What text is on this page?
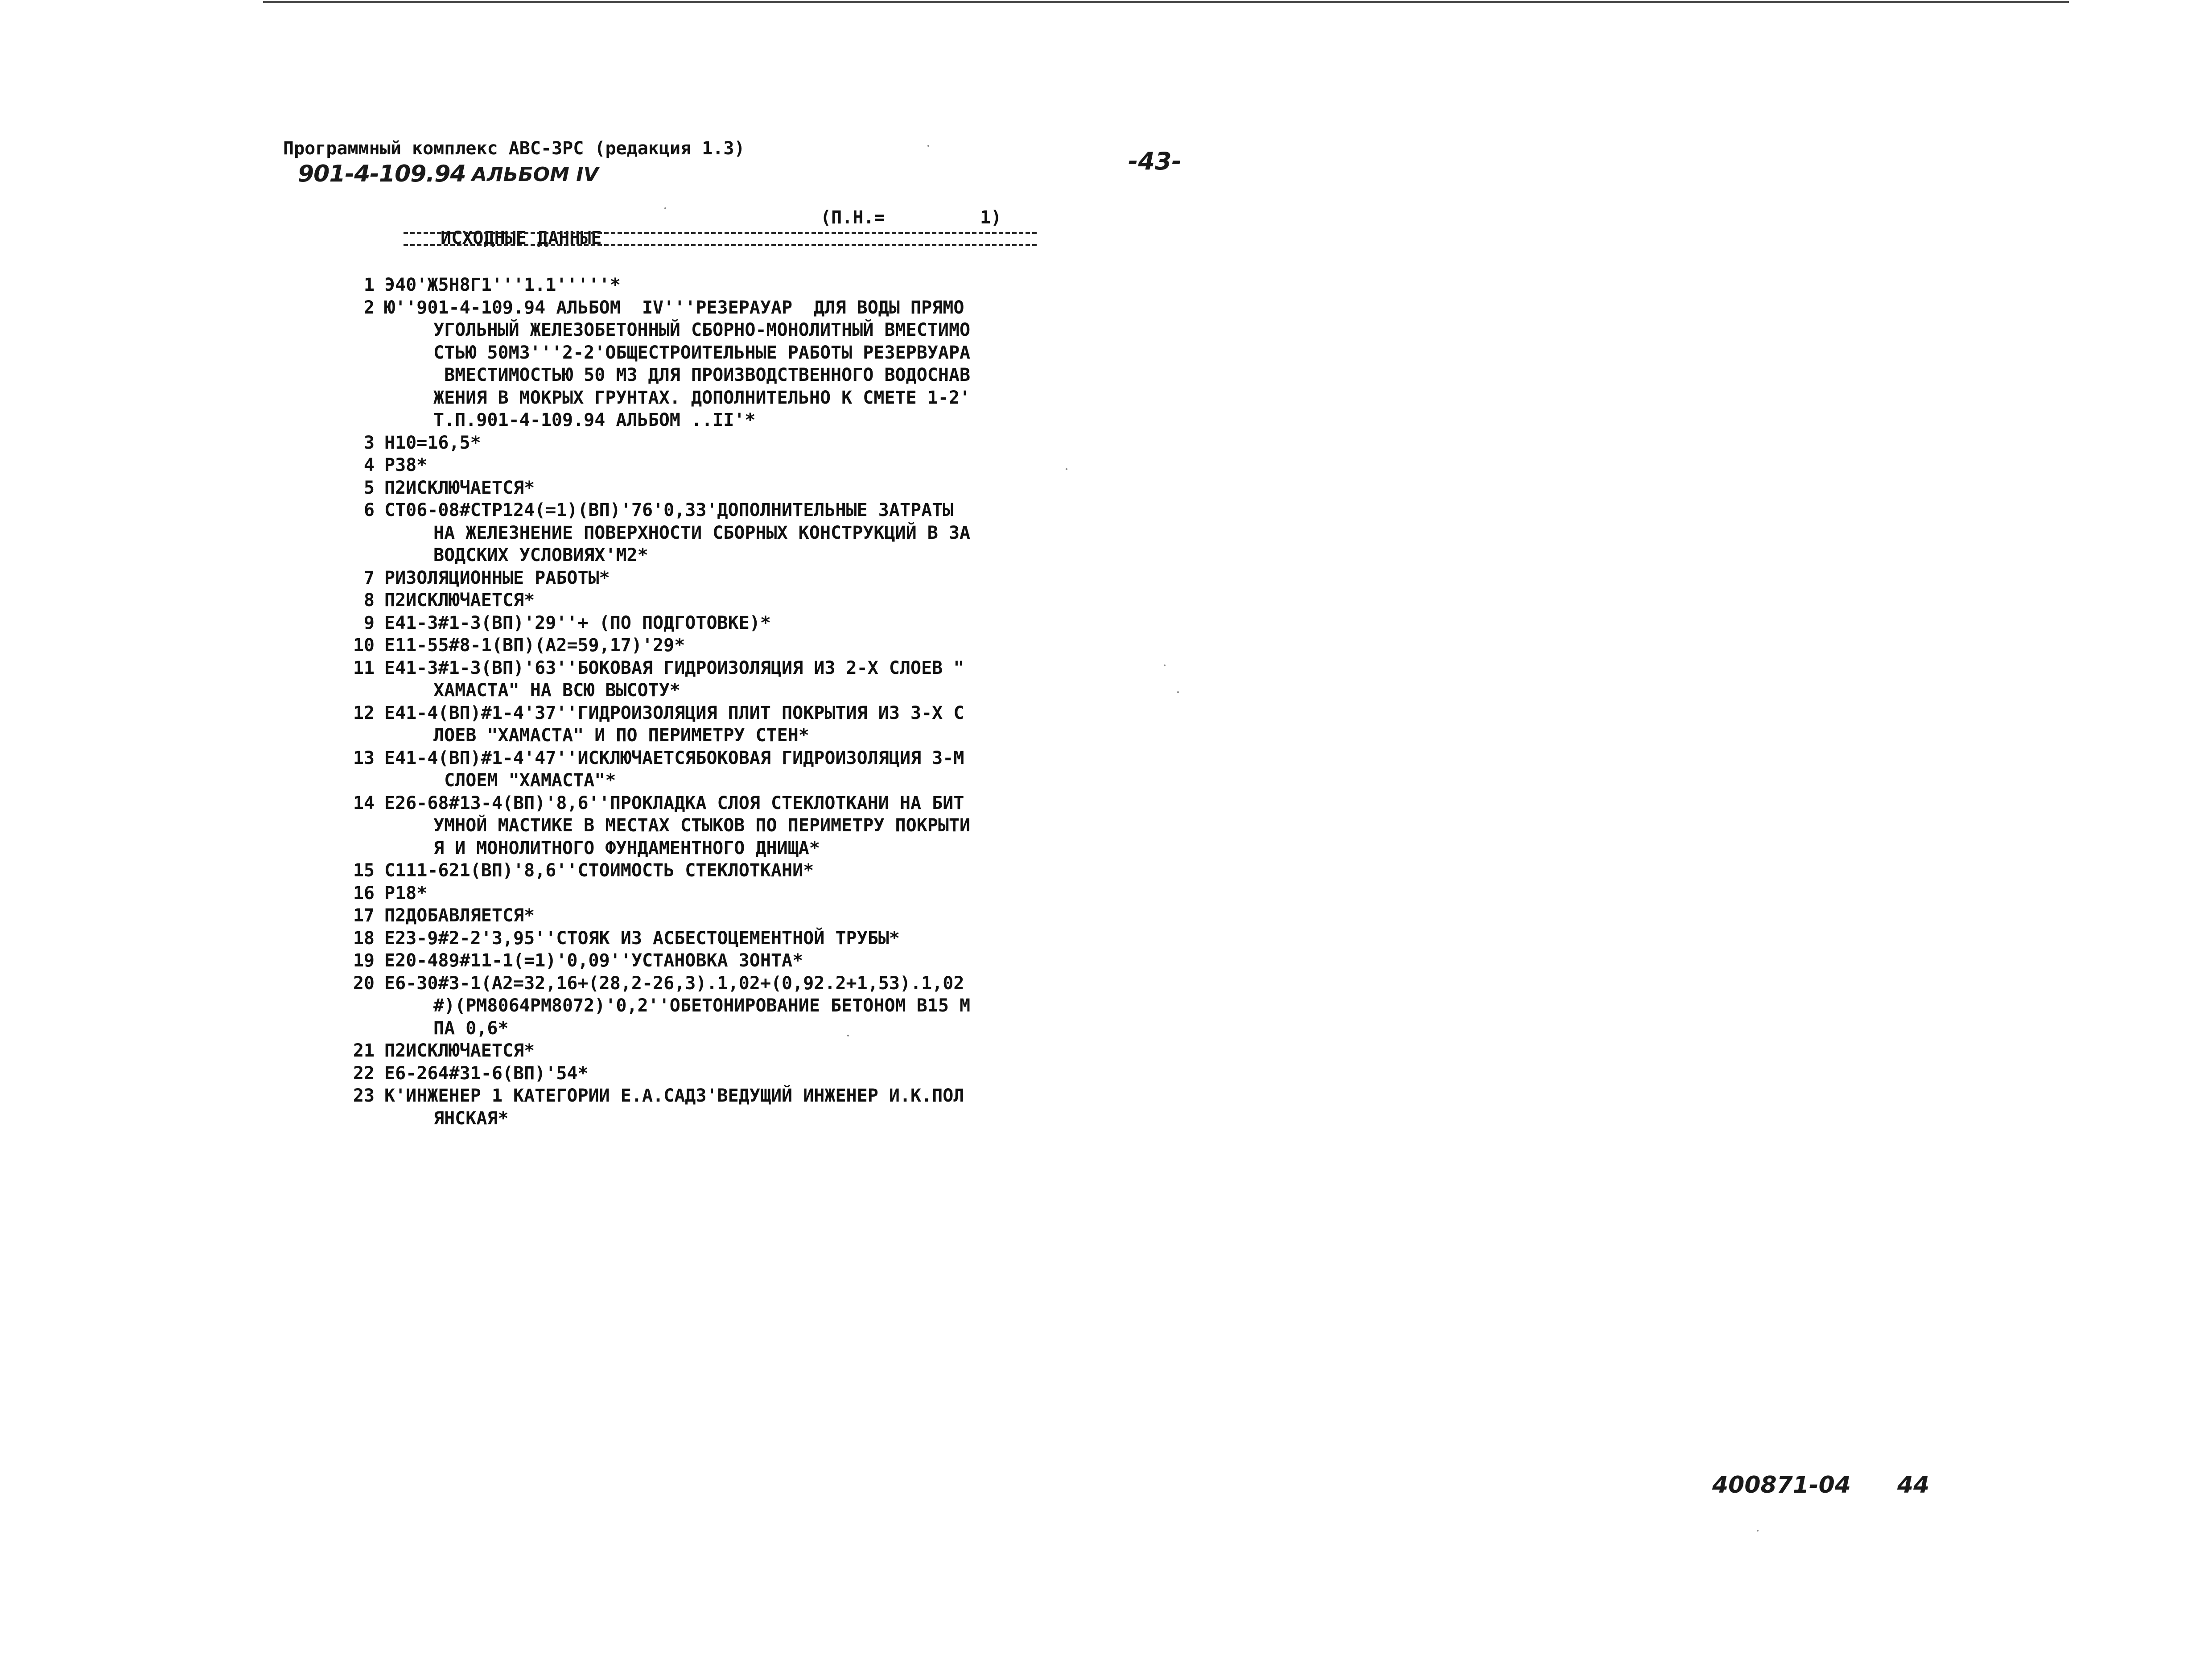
Программный комплекс АВС-3РС (редакция 1.3)
901-4-109.94 АЛЬБОМ IV	-43-

ИСХОДНЫЕ ДАННЫЕ

(П.Н.=

	1)

1 Э40'Ж5Н8Г1'''1.1'''''*
2 Ю''901-4-109.94 АЛЬБОМ  IV'''РЕЗЕРАУАР  ДЛЯ ВОДЫ ПРЯМО
УГОЛЬНЫЙ ЖЕЛЕЗОБЕТОННЫЙ СБОРНО-МОНОЛИТНЫЙ ВМЕСТИМО
СТЬЮ 50М3'''2-2'ОБЩЕСТРОИТЕЛЬНЫЕ РАБОТЫ РЕЗЕРВУАРА
ВМЕСТИМОСТЬЮ 50 М3 ДЛЯ ПРОИЗВОДСТВЕННОГО ВОДОСНАВ
ЖЕНИЯ В МОКРЫХ ГРУНТАХ. ДОПОЛНИТЕЛЬНО К СМЕТЕ 1-2'
Т.П.901-4-109.94 АЛЬБОМ ..II'*
3 Н10=16,5*
4 Р38*
5 П2ИСКЛЮЧАЕТСЯ*
6 СТ06-08#СТР124(=1)(ВП)'76'0,33'ДОПОЛНИТЕЛЬНЫЕ ЗАТРАТЫ
НА ЖЕЛЕЗНЕНИЕ ПОВЕРХНОСТИ СБОРНЫХ КОНСТРУКЦИЙ В ЗА
ВОДСКИХ УСЛОВИЯХ'М2*
7 РИЗОЛЯЦИОННЫЕ РАБОТЫ*
8 П2ИСКЛЮЧАЕТСЯ*
9 Е41-3#1-3(ВП)'29''+ (ПО ПОДГОТОВКЕ)*
10 Е11-55#8-1(ВП)(А2=59,17)'29*
11 Е41-3#1-3(ВП)'63''БОКОВАЯ ГИДРОИЗОЛЯЦИЯ ИЗ 2-Х СЛОЕВ "
ХАМАСТА" НА ВСЮ ВЫСОТУ*
12 Е41-4(ВП)#1-4'37''ГИДРОИЗОЛЯЦИЯ ПЛИТ ПОКРЫТИЯ ИЗ 3-Х С
ЛОЕВ "ХАМАСТА" И ПО ПЕРИМЕТРУ СТЕН*
13 Е41-4(ВП)#1-4'47''ИСКЛЮЧАЕТСЯБОКОВАЯ ГИДРОИЗОЛЯЦИЯ 3-М
СЛОЕМ "ХАМАСТА"*
14 Е26-68#13-4(ВП)'8,6''ПРОКЛАДКА СЛОЯ СТЕКЛОТКАНИ НА БИТ
УМНОЙ МАСТИКЕ В МЕСТАХ СТЫКОВ ПО ПЕРИМЕТРУ ПОКРЫТИ
Я И МОНОЛИТНОГО ФУНДАМЕНТНОГО ДНИЩА*
15 С111-621(ВП)'8,6''СТОИМОСТЬ СТЕКЛОТКАНИ*
16 Р18*
17 П2ДОБАВЛЯЕТСЯ*
18 Е23-9#2-2'3,95''СТОЯК ИЗ АСБЕСТОЦЕМЕНТНОЙ ТРУБЫ*
19 Е20-489#11-1(=1)'0,09''УСТАНОВКА ЗОНТА*
20 Е6-30#3-1(А2=32,16+(28,2-26,3).1,02+(0,92.2+1,53).1,02
#)(РМ8064РМ8072)'0,2''ОБЕТОНИРОВАНИЕ БЕТОНОМ В15 М
ПА 0,6*
21 П2ИСКЛЮЧАЕТСЯ*
22 Е6-264#31-6(ВП)'54*
23 К'ИНЖЕНЕР 1 КАТЕГОРИИ Е.А.САДЗ'ВЕДУЩИЙ ИНЖЕНЕР И.К.ПОЛ
ЯНСКАЯ*
400871-04 44
